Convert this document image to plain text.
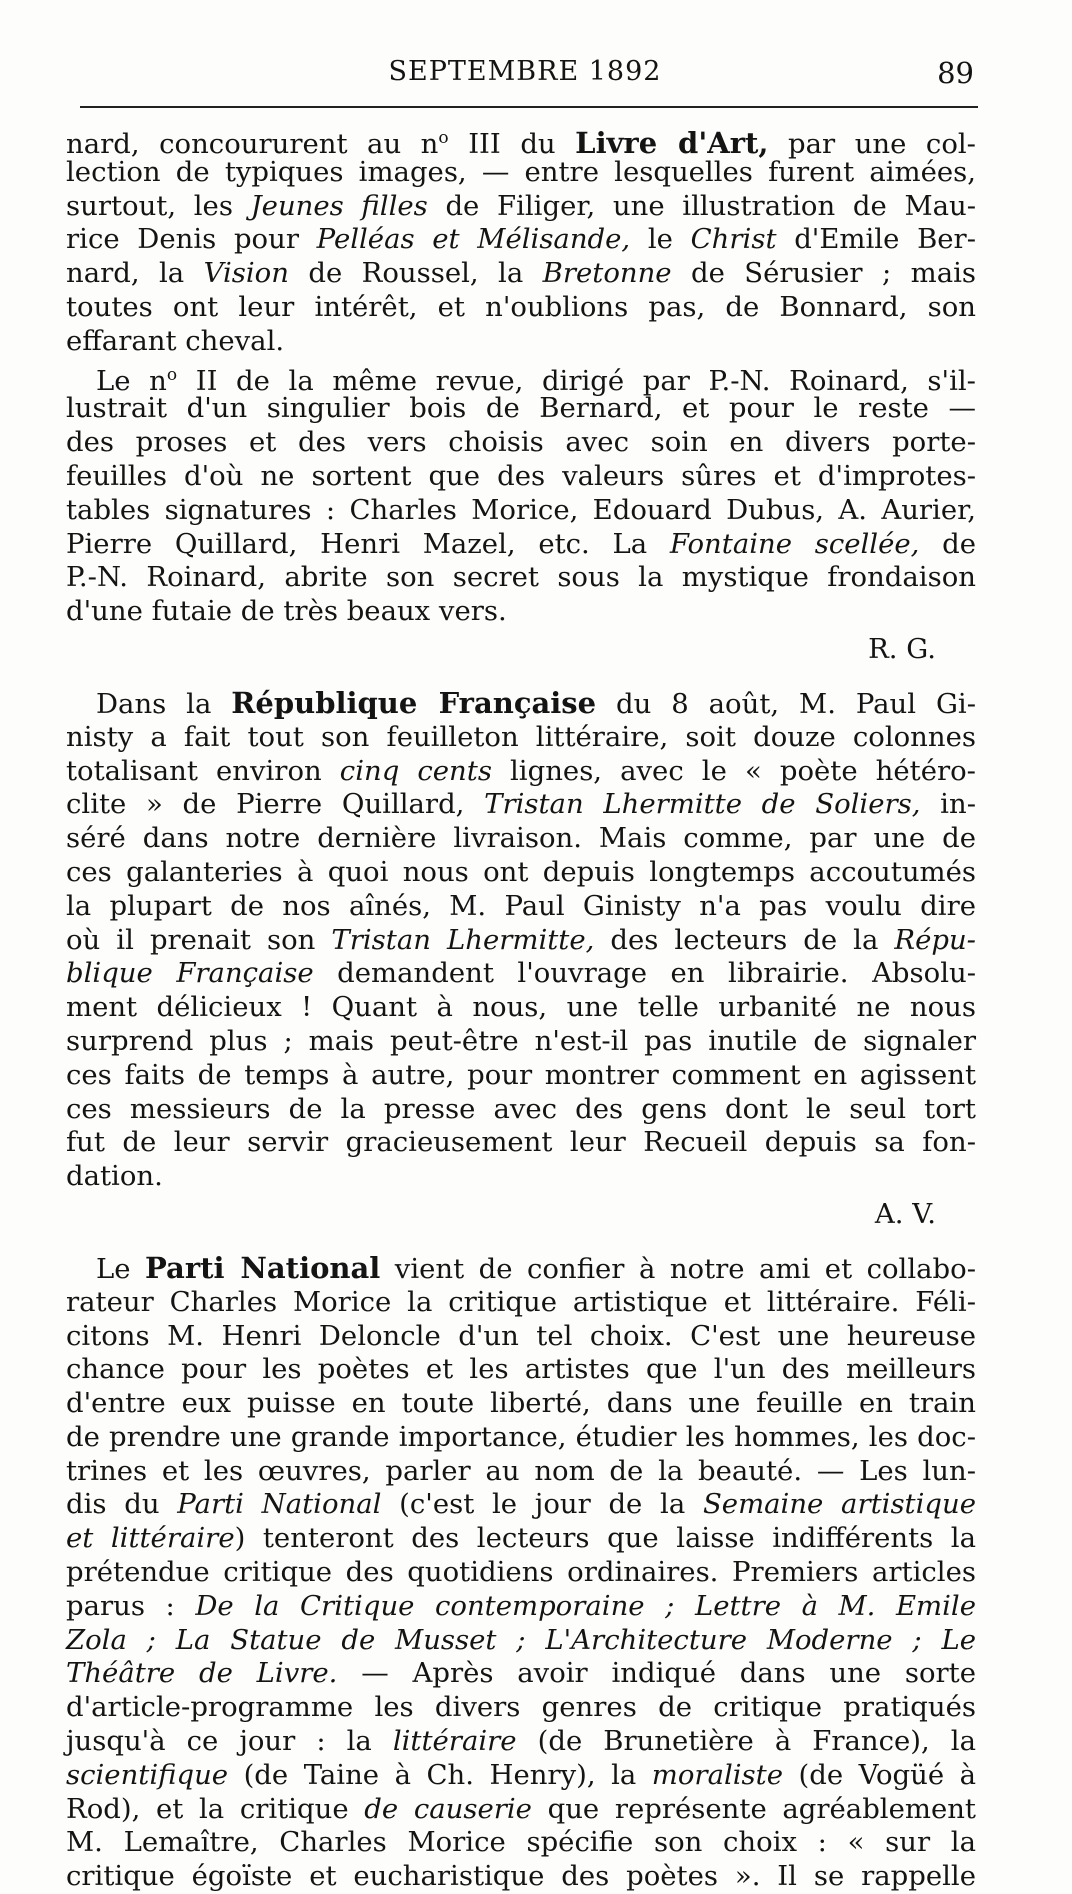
SEPTEMBRE 1892	89
nard, concoururent au $n^o$ III du Livre d'Art, par une col-
lection de typiques images, — entre lesquelles furent aimées,
surtout, les Jeunes filles de Filiger, une illustration de Mau-
rice Denis pour Pelléas et Mélisande, le Christ d'Emile Ber-
nard, la Vision de Roussel, la Bretonne de Sérusier ; mais
toutes ont leur intérêt, et n'oublions pas, de Bonnard, son
effarant cheval.
Le $n^o$ II de la même revue, dirigé par P.-N. Roinard, s'il-
lustrait d'un singulier bois de Bernard, et pour le reste —
des proses et des vers choisis avec soin en divers porte-
feuilles d'où ne sortent que des valeurs sûres et d'improtes-
tables signatures : Charles Morice, Edouard Dubus, A. Aurier,
Pierre Quillard, Henri Mazel, etc. La Fontaine scellée, de
P.-N. Roinard, abrite son secret sous la mystique frondaison
d'une futaie de très beaux vers.
R. G.
Dans la République Française du 8 août, M. Paul Gi-
nisty a fait tout son feuilleton littéraire, soit douze colonnes
totalisant environ cinq cents lignes, avec le « poète hétéro-
clite » de Pierre Quillard, Tristan Lhermitte de Soliers, in-
séré dans notre dernière livraison. Mais comme, par une de
ces galanteries à quoi nous ont depuis longtemps accoutumés
la plupart de nos aînés, M. Paul Ginisty n'a pas voulu dire
où il prenait son Tristan Lhermitte, des lecteurs de la Répu-
blique Française demandent l'ouvrage en librairie. Absolu-
ment délicieux ! Quant à nous, une telle urbanité ne nous
surprend plus ; mais peut-être n'est-il pas inutile de signaler
ces faits de temps à autre, pour montrer comment en agissent
ces messieurs de la presse avec des gens dont le seul tort
fut de leur servir gracieusement leur Recueil depuis sa fon-
dation.
A. V.
Le Parti National vient de confier à notre ami et collabo-
rateur Charles Morice la critique artistique et littéraire. Féli-
citons M. Henri Deloncle d'un tel choix. C'est une heureuse
chance pour les poètes et les artistes que l'un des meilleurs
d'entre eux puisse en toute liberté, dans une feuille en train
de prendre une grande importance, étudier les hommes, les doc-
trines et les œuvres, parler au nom de la beauté. — Les lun-
dis du Parti National (c'est le jour de la Semaine artistique
et littéraire) tenteront des lecteurs que laisse indifférents la
prétendue critique des quotidiens ordinaires. Premiers articles
parus : De la Critique contemporaine ; Lettre à M. Emile
Zola ; La Statue de Musset ; L'Architecture Moderne ; Le
Théâtre de Livre. — Après avoir indiqué dans une sorte
d'article-programme les divers genres de critique pratiqués
jusqu'à ce jour : la littéraire (de Brunetière à France), la
scientifique (de Taine à Ch. Henry), la moraliste (de Vogüé à
Rod), et la critique de causerie que représente agréablement
M. Lemaître, Charles Morice spécifie son choix : « sur la
critique égoïste et eucharistique des poètes ». Il se rappelle
